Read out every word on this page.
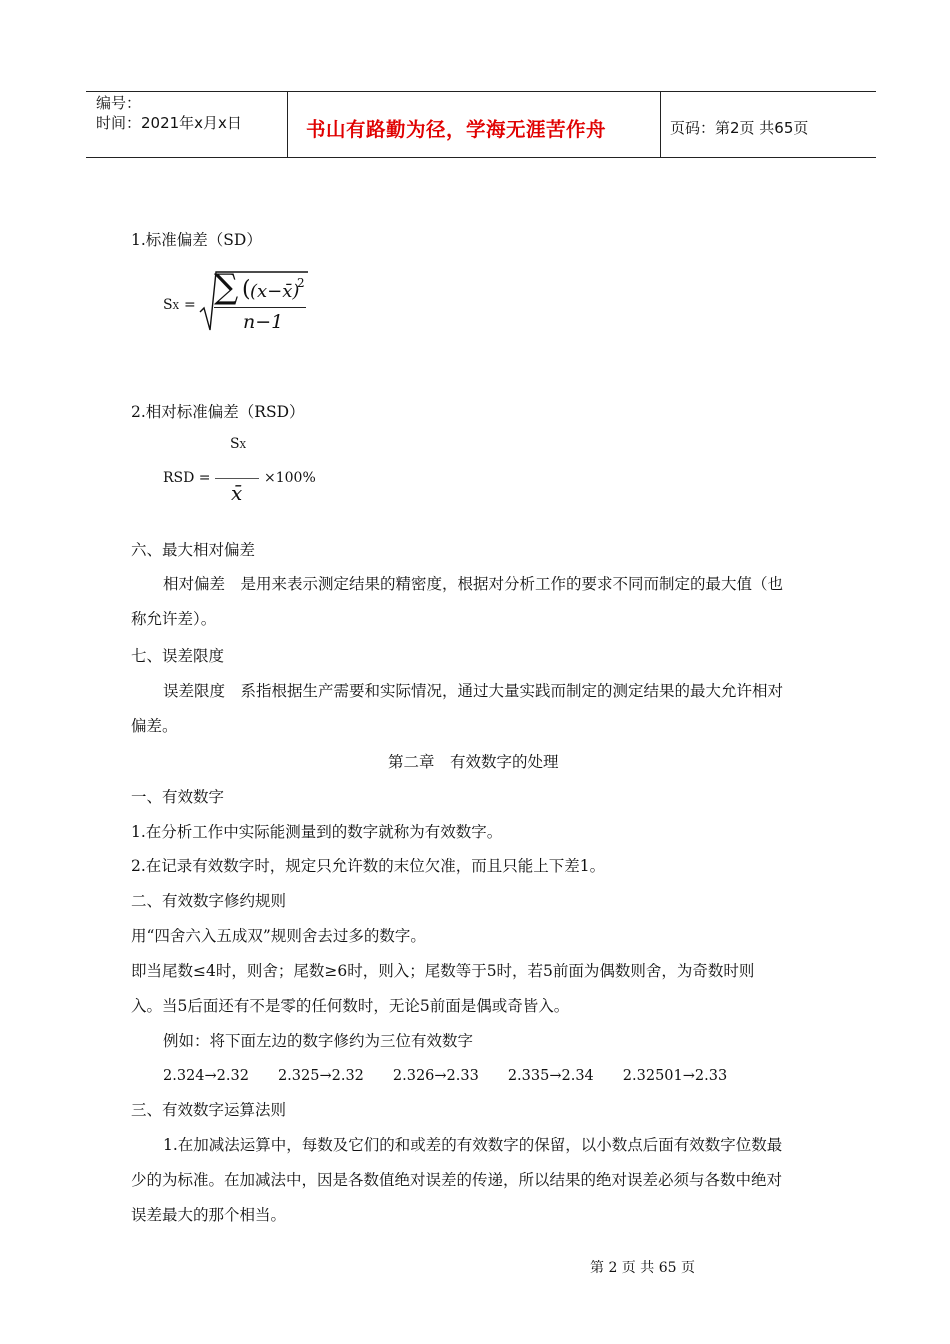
编号：
时间：2021年x月x日	书山有路勤为径，学海无涯苦作舟	页码：第2页 共65页
1.标准偏差（SD）
SX = ∑ ( (x−x̄)
2
n−1
2.相对标准偏差（RSD）
SX
RSD =	×100%
x̄
六、最大相对偏差
相对偏差　是用来表示测定结果的精密度，根据对分析工作的要求不同而制定的最大值（也
称允许差）。
七、误差限度
误差限度　系指根据生产需要和实际情况，通过大量实践而制定的测定结果的最大允许相对
偏差。
第二章　有效数字的处理
一、有效数字
1.在分析工作中实际能测量到的数字就称为有效数字。
2.在记录有效数字时，规定只允许数的末位欠准，而且只能上下差1。
二、有效数字修约规则
用“四舍六入五成双”规则舍去过多的数字。
即当尾数≤4时，则舍；尾数≥6时，则入；尾数等于5时，若5前面为偶数则舍，为奇数时则
入。当5后面还有不是零的任何数时，无论5前面是偶或奇皆入。
例如：将下面左边的数字修约为三位有效数字
2.324→2.32　　2.325→2.32　　2.326→2.33　　2.335→2.34　　2.32501→2.33
三、有效数字运算法则
1.在加减法运算中，每数及它们的和或差的有效数字的保留，以小数点后面有效数字位数最
少的为标准。在加减法中，因是各数值绝对误差的传递，所以结果的绝对误差必须与各数中绝对
误差最大的那个相当。
第 2 页 共 65 页
